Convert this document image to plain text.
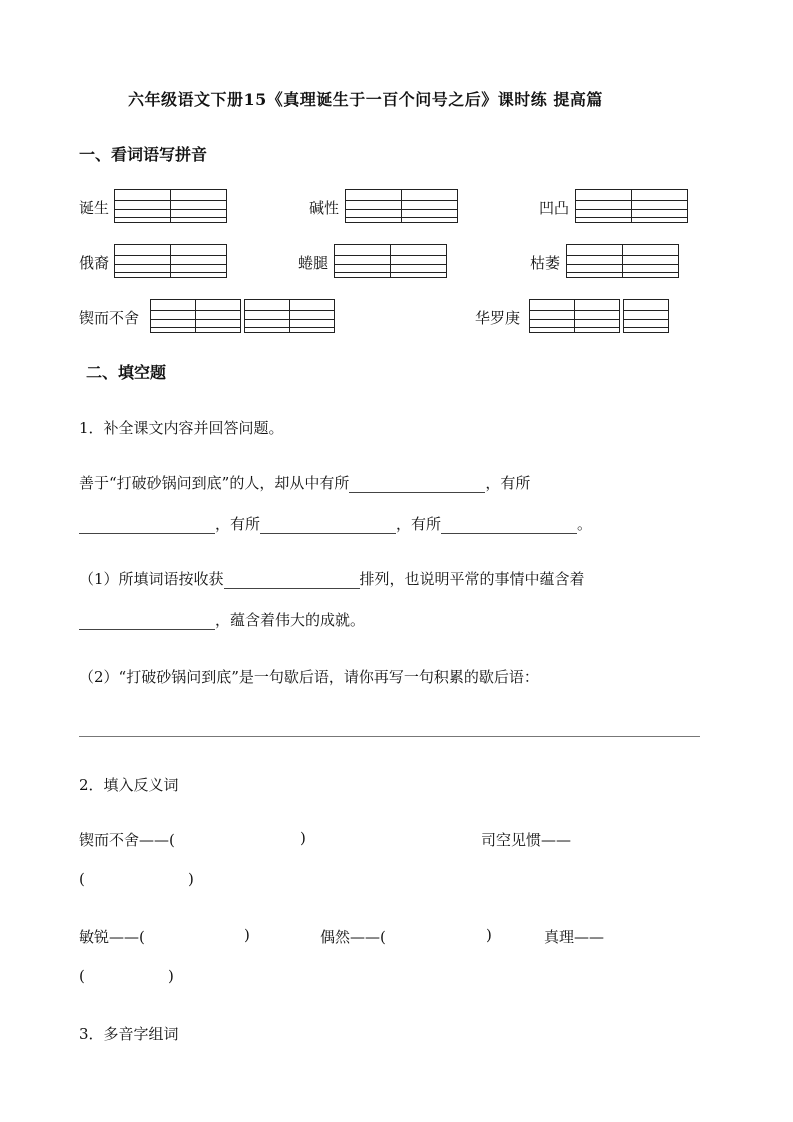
六年级语文下册15《真理诞生于一百个问号之后》课时练 提高篇
一、看词语写拼音
诞生	碱性	凹凸
俄裔	蜷腿	枯萎
锲而不舍	华罗庚
二、填空题
1．补全课文内容并回答问题。
善于“打破砂锅问到底”的人，却从中有所	，有所
，有所	，有所	。
（1）所填词语按收获	排列，也说明平常的事情中蕴含着
，蕴含着伟大的成就。
（2）“打破砂锅问到底”是一句歇后语，请你再写一句积累的歇后语：
2．填入反义词
锲而不舍——(	)	司空见惯——
(	)
敏锐——(	)	偶然——(	)	真理——
(	)
3．多音字组词
